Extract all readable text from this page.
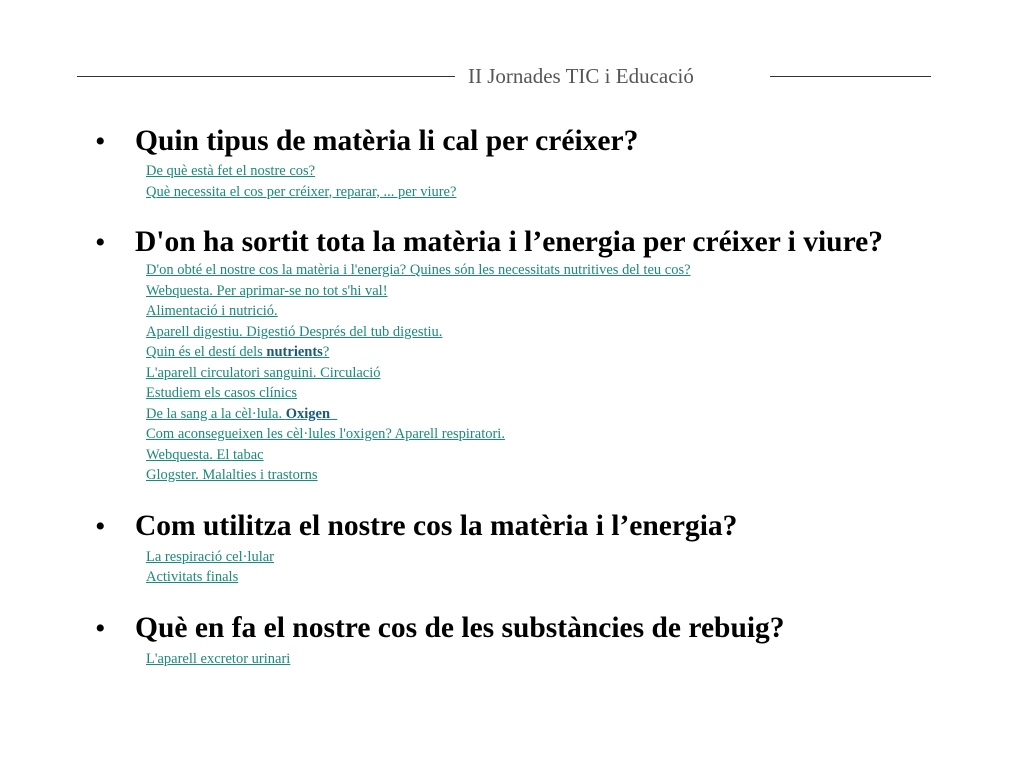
II Jornades TIC i Educació
• Quin tipus de matèria li cal per créixer?

De què està fet el nostre cos?
Què necessita el cos per créixer, reparar, ... per viure?
• D'on ha sortit tota la matèria i l’energia per créixer i viure?

D'on obté el nostre cos la matèria i l'energia? Quines són les necessitats nutritives del teu cos?
Webquesta. Per aprimar-se no tot s'hi val!
Alimentació i nutrició.
Aparell digestiu. Digestió Després del tub digestiu.
Quin és el destí dels nutrients?
L'aparell circulatori sanguini. Circulació
Estudiem els casos clínics
De la sang a la cèl·lula. Oxigen
Com aconsegueixen les cèl·lules l'oxigen? Aparell respiratori.
Webquesta. El tabac
Glogster. Malalties i trastorns
• Com utilitza el nostre cos la matèria i l’energia?

La respiració cel·lular
Activitats finals
• Què en fa el nostre cos de les substàncies de rebuig?

L'aparell excretor urinari
